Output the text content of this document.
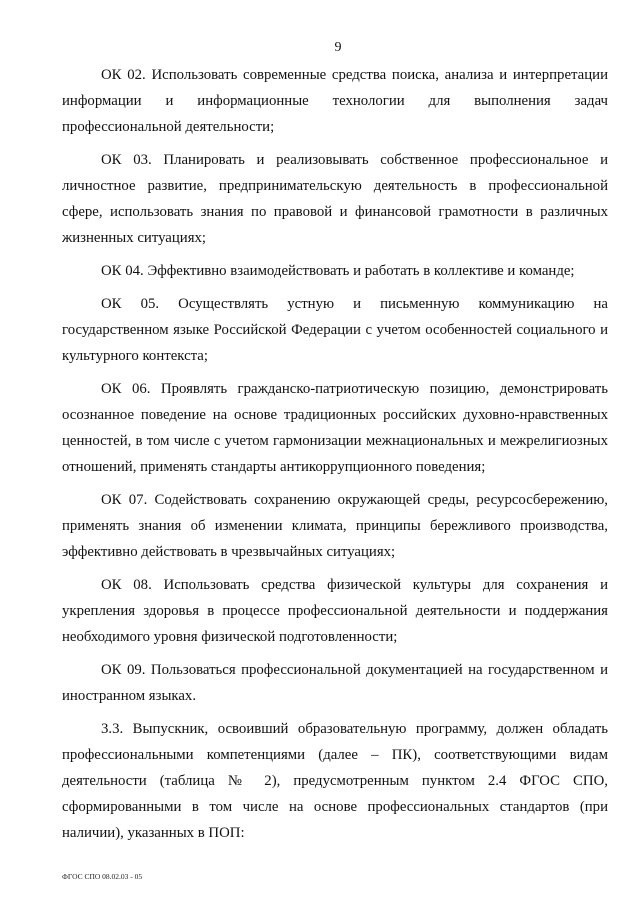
9

ОК 02. Использовать современные средства поиска, анализа и интерпретации информации и информационные технологии для выполнения задач профессиональной деятельности;

ОК 03. Планировать и реализовывать собственное профессиональное и личностное развитие, предпринимательскую деятельность в профессиональной сфере, использовать знания по правовой и финансовой грамотности в различных жизненных ситуациях;

ОК 04. Эффективно взаимодействовать и работать в коллективе и команде;

ОК 05. Осуществлять устную и письменную коммуникацию на государственном языке Российской Федерации с учетом особенностей социального и культурного контекста;

ОК 06. Проявлять гражданско-патриотическую позицию, демонстрировать осознанное поведение на основе традиционных российских духовно-нравственных ценностей, в том числе с учетом гармонизации межнациональных и межрелигиозных отношений, применять стандарты антикоррупционного поведения;

ОК 07. Содействовать сохранению окружающей среды, ресурсосбережению, применять знания об изменении климата, принципы бережливого производства, эффективно действовать в чрезвычайных ситуациях;

ОК 08. Использовать средства физической культуры для сохранения и укрепления здоровья в процессе профессиональной деятельности и поддержания необходимого уровня физической подготовленности;

ОК 09. Пользоваться профессиональной документацией на государственном и иностранном языках.

3.3. Выпускник, освоивший образовательную программу, должен обладать профессиональными компетенциями (далее – ПК), соответствующими видам деятельности (таблица № 2), предусмотренным пунктом 2.4 ФГОС СПО, сформированными в том числе на основе профессиональных стандартов (при наличии), указанных в ПОП:

ФГОС СПО 08.02.03 - 05
